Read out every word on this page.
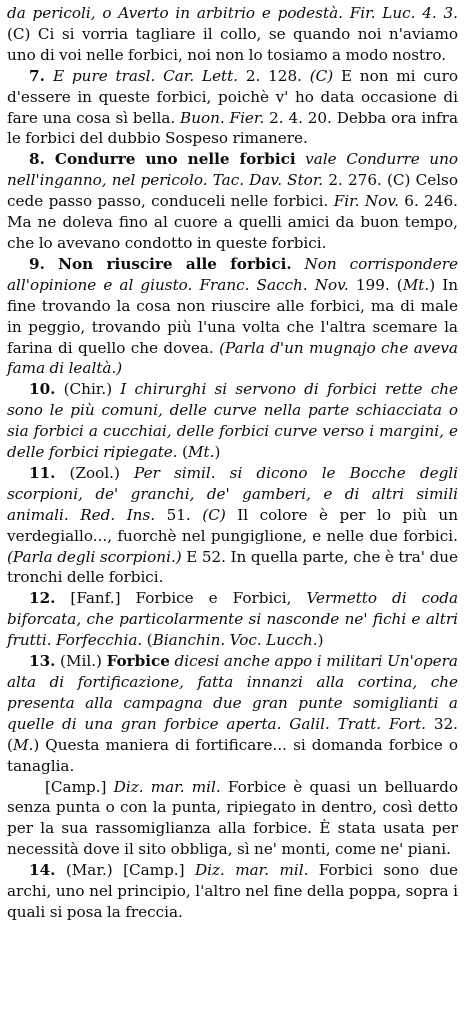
da pericoli, o Averto in arbitrio e podestà. Fir. Luc. 4. 3. (C) Ci si vorria tagliare il collo, se quando noi n'aviamo uno di voi nelle forbici, noi non lo tosiamo a modo nostro.

7. E pure trasl. Car. Lett. 2. 128. (C) E non mi curo d'essere in queste forbici, poichè v' ho data occasione di fare una cosa sì bella. Buon. Fier. 2. 4. 20. Debba ora infra le forbici del dubbio Sospeso rimanere.

8. Condurre uno nelle forbici vale Condurre uno nell'inganno, nel pericolo. Tac. Dav. Stor. 2. 276. (C) Celso cede passo passo, conduceli nelle forbici. Fir. Nov. 6. 246. Ma ne doleva fino al cuore a quelli amici da buon tempo, che lo avevano condotto in queste forbici.

9. Non riuscire alle forbici. Non corrispondere all'opinione e al giusto. Franc. Sacch. Nov. 199. (Mt.) In fine trovando la cosa non riuscire alle forbici, ma di male in peggio, trovando più l'una volta che l'altra scemare la farina di quello che dovea. (Parla d'un mugnajo che aveva fama di lealtà.)

10. (Chir.) I chirurghi si servono di forbici rette che sono le più comuni, delle curve nella parte schiacciata o sia forbici a cucchiai, delle forbici curve verso i margini, e delle forbici ripiegate. (Mt.)

11. (Zool.) Per simil. si dicono le Bocche degli scorpioni, de' granchi, de' gamberi, e di altri simili animali. Red. Ins. 51. (C) Il colore è per lo più un verdegiallo..., fuorchè nel pungiglione, e nelle due forbici. (Parla degli scorpioni.) E 52. In quella parte, che è tra' due tronchi delle forbici.

12. [Fanf.] Forbice e Forbici, Vermetto di coda biforcata, che particolarmente si nasconde ne' fichi e altri frutti. Forfecchia. (Bianchin. Voc. Lucch.)

13. (Mil.) Forbice dicesi anche appo i militari Un'opera alta di fortificazione, fatta innanzi alla cortina, che presenta alla campagna due gran punte somiglianti a quelle di una gran forbice aperta. Galil. Tratt. Fort. 32. (M.) Questa maniera di fortificare... si domanda forbice o tanaglia.

[Camp.] Diz. mar. mil. Forbice è quasi un belluardo senza punta o con la punta, ripiegato in dentro, così detto per la sua rassomiglianza alla forbice. È stata usata per necessità dove il sito obbliga, sì ne' monti, come ne' piani.

14. (Mar.) [Camp.] Diz. mar. mil. Forbici sono due archi, uno nel principio, l'altro nel fine della poppa, sopra i quali si posa la freccia.
